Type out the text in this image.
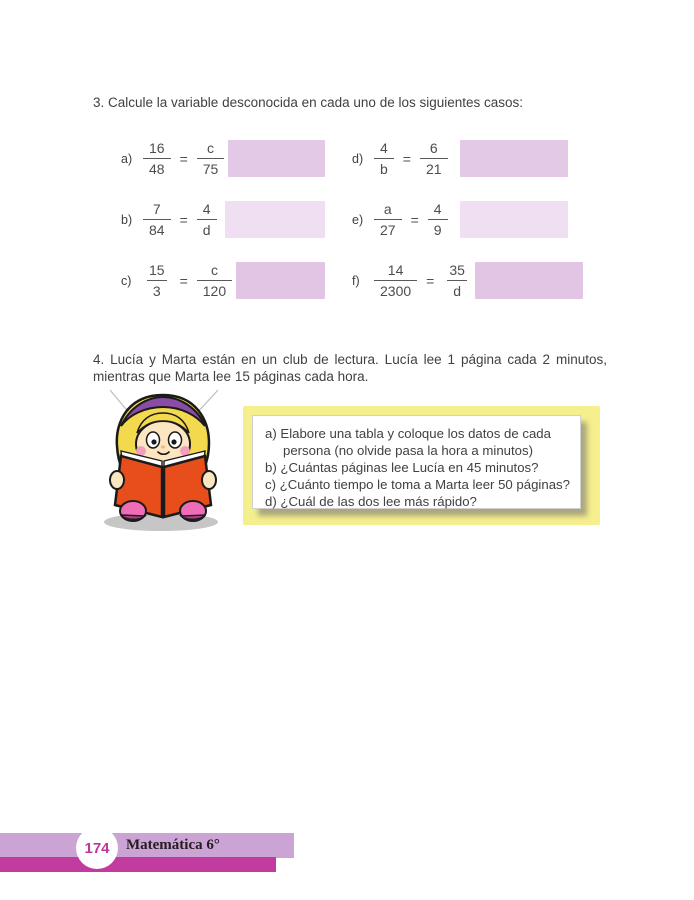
3. Calcule la variable desconocida en cada uno de los siguientes casos:
$a) \frac{16}{48} = \frac{c}{75}$	$d) \frac{4}{b} = \frac{6}{21}$
$b) \frac{7}{84} = \frac{4}{d}$	$e) \frac{a}{27} = \frac{4}{9}$
$c) \frac{15}{3} = \frac{c}{120}$	f)	$\frac{14}{2300} = \frac{35}{d}$
4. Lucía y Marta están en un club de lectura. Lucía lee 1 página cada 2 minutos, mientras que Marta lee 15 páginas cada hora.
a) Elabore una tabla y coloque los datos de cada persona (no olvide pasa la hora a minutos)
b) ¿Cuántas páginas lee Lucía en 45 minutos?
c) ¿Cuánto tiempo le toma a Marta leer 50 páginas?
d) ¿Cuál de las dos lee más rápido?
Matemática 6°
174
